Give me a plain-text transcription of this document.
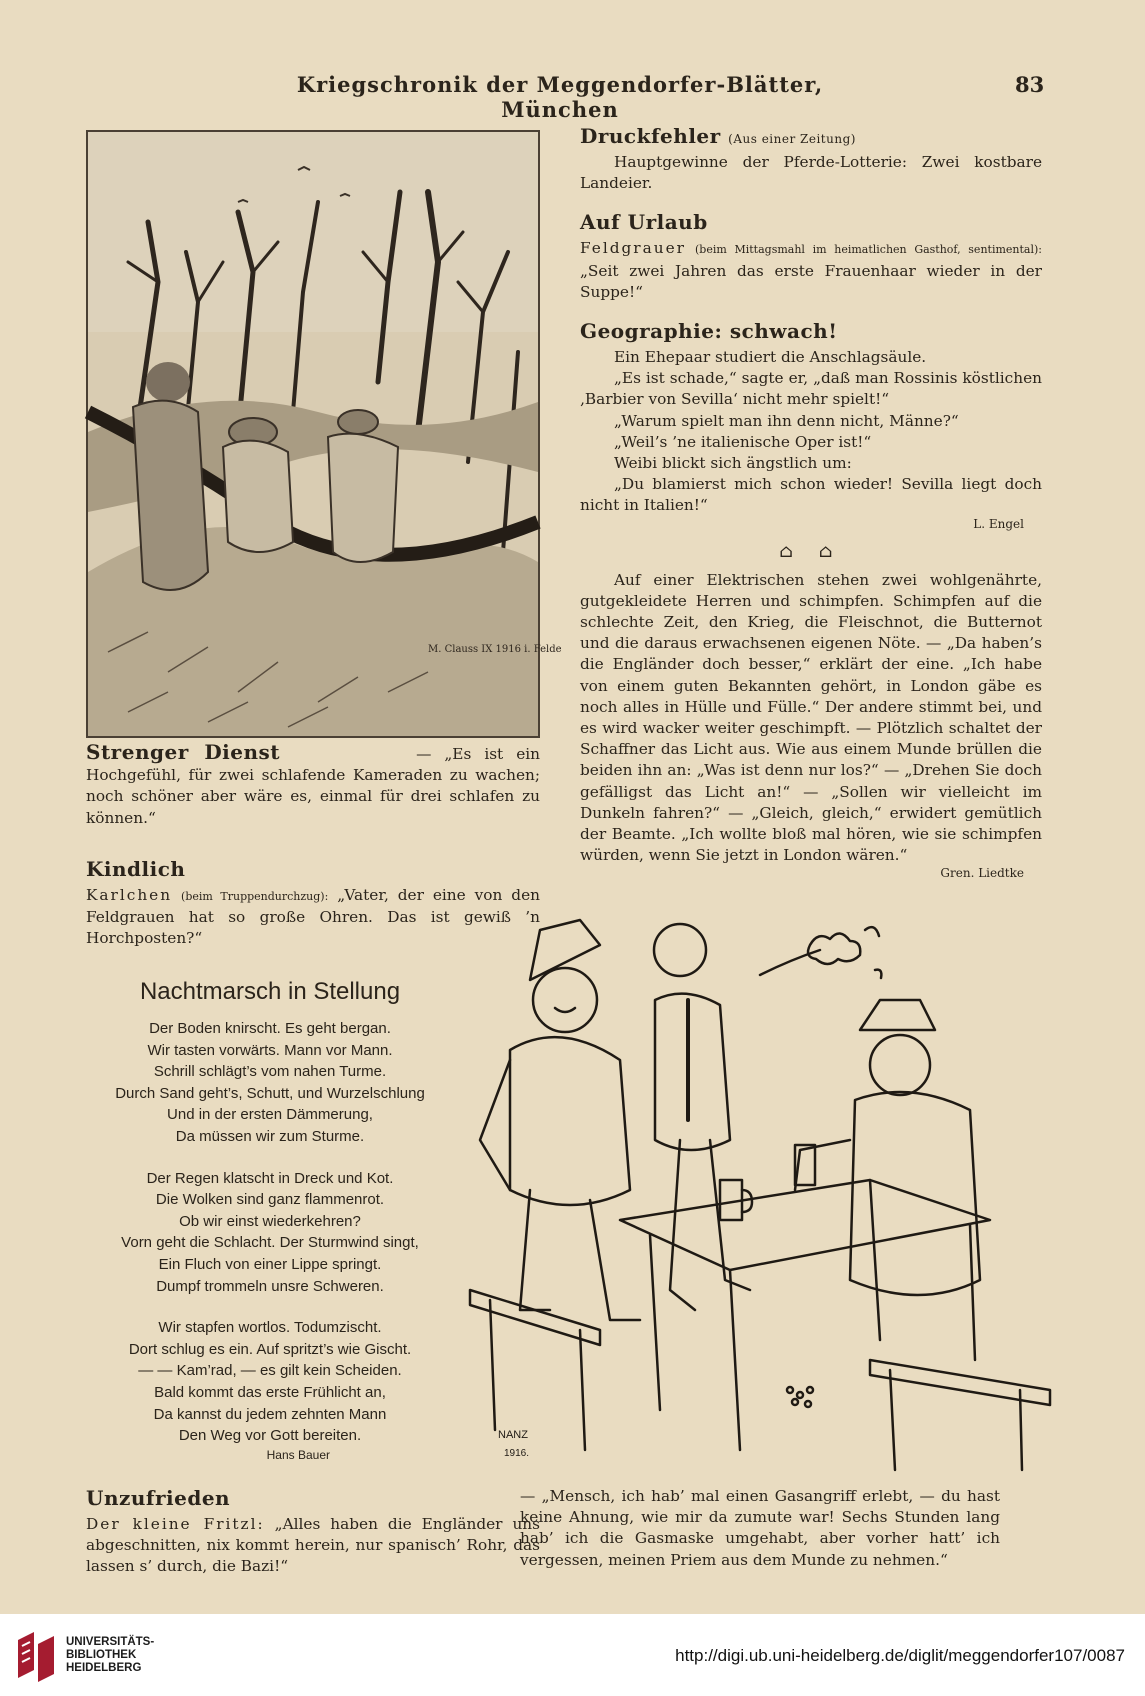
Kriegschronik der Meggendorfer-Blätter, München
83
M. Clauss IX 1916 i. Felde

Strenger Dienst	— „Es ist ein Hochgefühl, für zwei schlafende Kameraden zu wachen; noch schöner aber wäre es, einmal für drei schlafen zu können.“

Kindlich

Karlchen (beim Truppendurchzug): „Vater, der eine von den Feldgrauen hat so große Ohren. Das ist gewiß ’n Horchposten?“

Nachtmarsch in Stellung
Der Boden knirscht. Es geht bergan.
Wir tasten vorwärts. Mann vor Mann.
Schrill schlägt’s vom nahen Turme.
Durch Sand geht’s, Schutt, und Wurzelschlung
Und in der ersten Dämmerung,
Da müssen wir zum Sturme.
Der Regen klatscht in Dreck und Kot.
Die Wolken sind ganz flammenrot.
Ob wir einst wiederkehren?
Vorn geht die Schlacht. Der Sturmwind singt,
Ein Fluch von einer Lippe springt.
Dumpf trommeln unsre Schweren.
Wir stapfen wortlos. Todumzischt.
Dort schlug es ein. Auf spritzt’s wie Gischt.
— — Kam’rad, — es gilt kein Scheiden.
Bald kommt das erste Frühlicht an,
Da kannst du jedem zehnten Mann
Den Weg vor Gott bereiten.
Hans Bauer
Unzufrieden

Der kleine Fritzl: „Alles haben die Engländer uns abgeschnitten, nix kommt herein, nur spanisch’ Rohr, das lassen s’ durch, die Bazi!“

Druckfehler (Aus einer Zeitung)

Hauptgewinne der Pferde-Lotterie: Zwei kostbare Landeier.

Auf Urlaub

Feldgrauer (beim Mittagsmahl im heimatlichen Gasthof, sentimental): „Seit zwei Jahren das erste Frauenhaar wieder in der Suppe!“

Geographie: schwach!

Ein Ehepaar studiert die Anschlagsäule.

„Es ist schade,“ sagte er, „daß man Rossinis köstlichen ‚Barbier von Sevilla‘ nicht mehr spielt!“

„Warum spielt man ihn denn nicht, Männe?“

„Weil’s ’ne italienische Oper ist!“

Weibi blickt sich ängstlich um:

„Du blamierst mich schon wieder! Sevilla liegt doch nicht in Italien!“

L. Engel
⌂ ⌂

Auf einer Elektrischen stehen zwei wohlgenährte, gutgekleidete Herren und schimpfen. Schimpfen auf die schlechte Zeit, den Krieg, die Fleischnot, die Butternot und die daraus erwachsenen eigenen Nöte. — „Da haben’s die Engländer doch besser,“ erklärt der eine. „Ich habe von einem guten Bekannten gehört, in London gäbe es noch alles in Hülle und Fülle.“ Der andere stimmt bei, und es wird wacker weiter geschimpft. — Plötzlich schaltet der Schaffner das Licht aus. Wie aus einem Munde brüllen die beiden ihn an: „Was ist denn nur los?“ — „Drehen Sie doch gefälligst das Licht an!“ — „Sollen wir vielleicht im Dunkeln fahren?“ — „Gleich, gleich,“ erwidert gemütlich der Beamte. „Ich wollte bloß mal hören, wie sie schimpfen würden, wenn Sie jetzt in London wären.“

Gren. Liedtke
NANZ
1916.

— „Mensch, ich hab’ mal einen Gasangriff erlebt, — du hast keine Ahnung, wie mir da zumute war! Sechs Stunden lang hab’ ich die Gasmaske umgehabt, aber vorher hatt’ ich vergessen, meinen Priem aus dem Munde zu nehmen.“

UNIVERSITÄTS-
BIBLIOTHEK
HEIDELBERG
http://digi.ub.uni-heidelberg.de/diglit/meggendorfer107/0087
